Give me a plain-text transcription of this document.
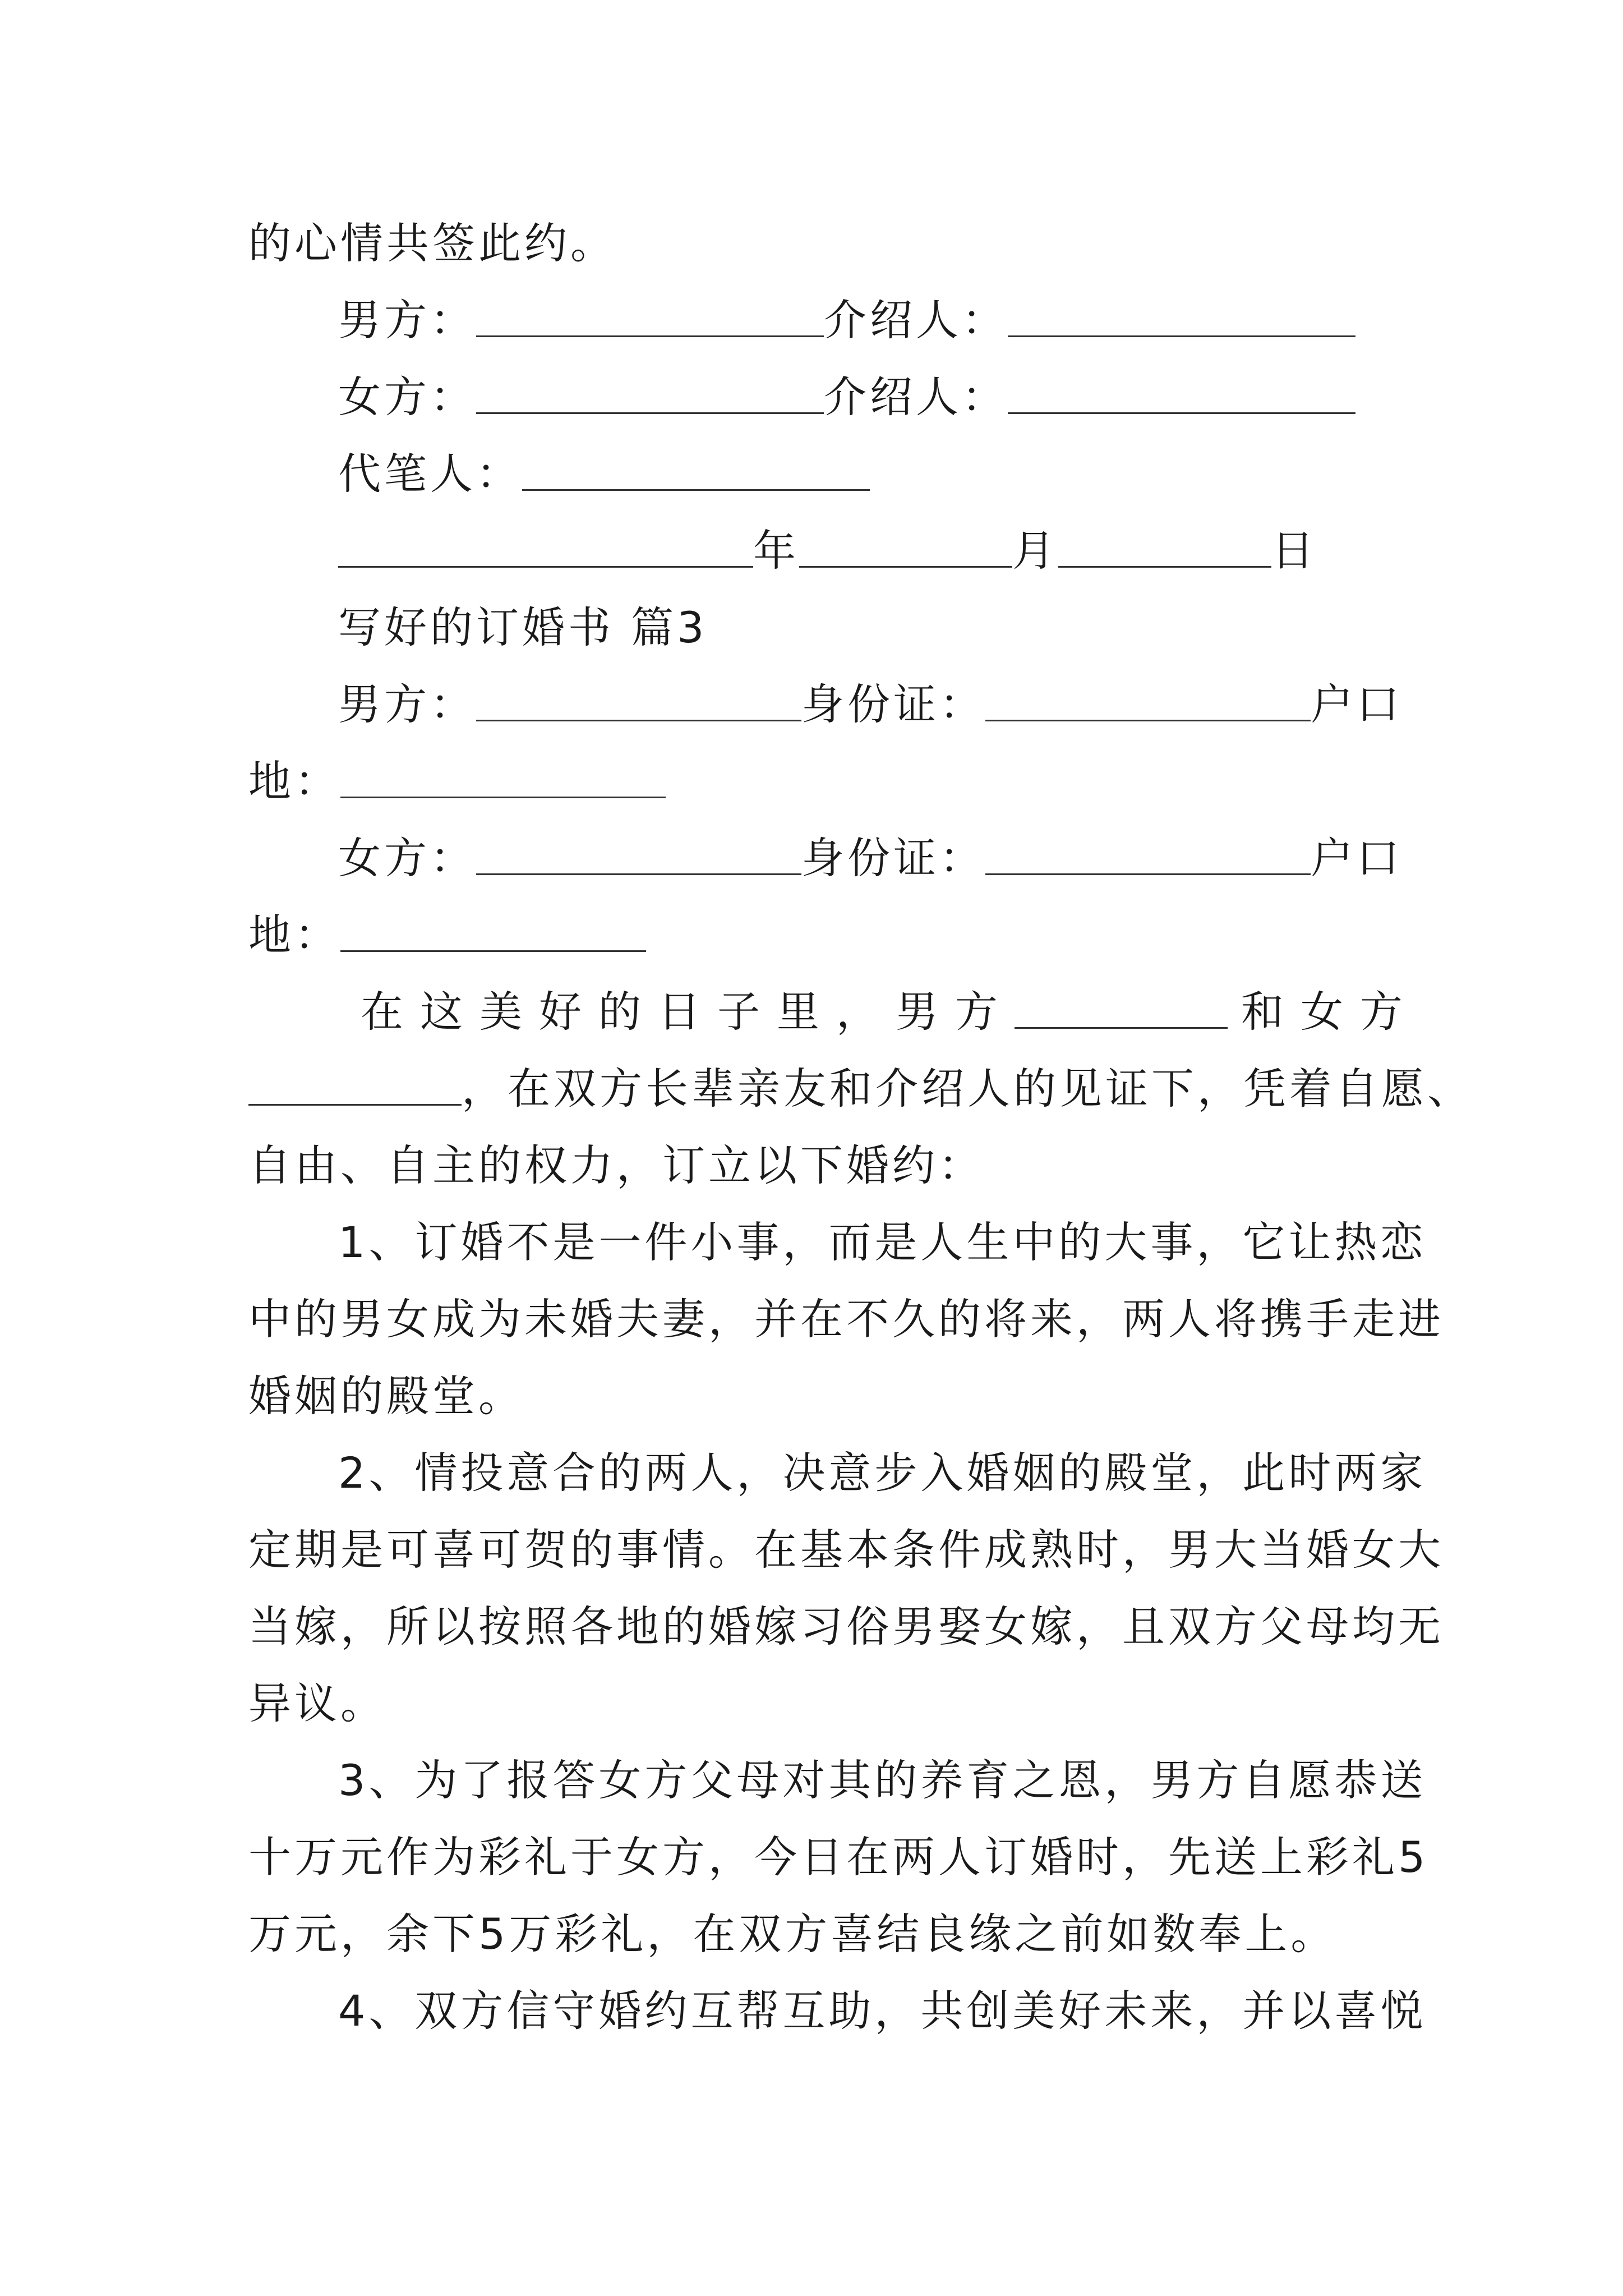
的心情共签此约。
男方：	介绍人：
女方：	介绍人：
代笔人：
年	月	日
写好的订婚书 篇3
男方：	身份证：	户口
地：
女方：	身份证：	户口
地：
在这美好的日子里，男方	和女方
，在双方长辈亲友和介绍人的见证下，凭着自愿、
自由、自主的权力，订立以下婚约：
1、订婚不是一件小事，而是人生中的大事，它让热恋
中的男女成为未婚夫妻，并在不久的将来，两人将携手走进
婚姻的殿堂。
2、情投意合的两人，决意步入婚姻的殿堂，此时两家
定期是可喜可贺的事情。在基本条件成熟时，男大当婚女大
当嫁，所以按照各地的婚嫁习俗男娶女嫁，且双方父母均无
异议。
3、为了报答女方父母对其的养育之恩，男方自愿恭送
十万元作为彩礼于女方，今日在两人订婚时，先送上彩礼5
万元，余下5万彩礼，在双方喜结良缘之前如数奉上。
4、双方信守婚约互帮互助，共创美好未来，并以喜悦
